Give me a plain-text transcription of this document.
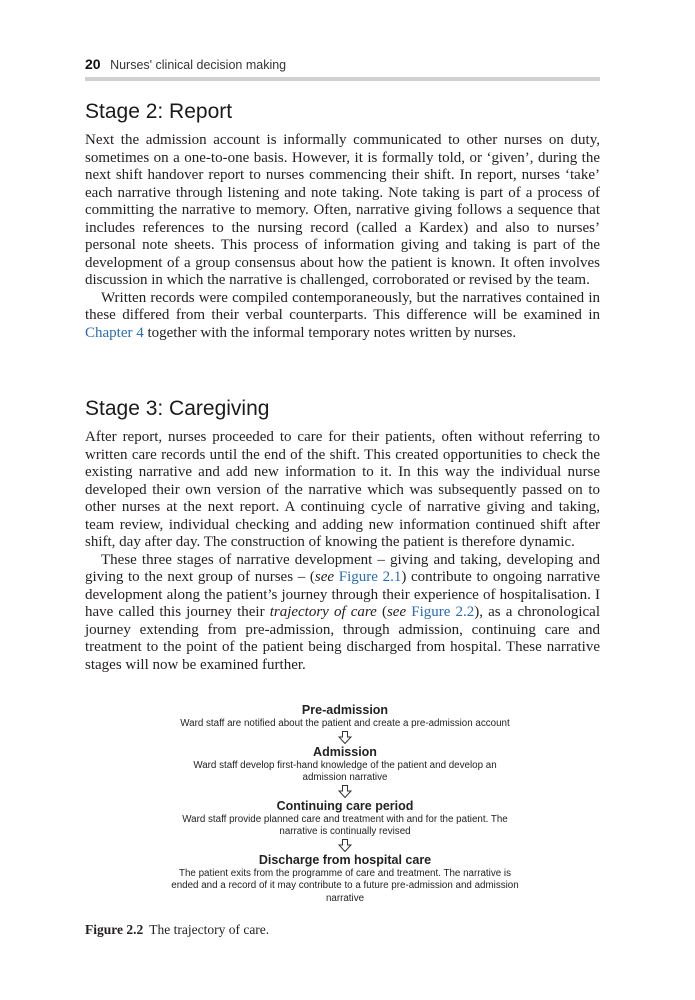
20 Nurses' clinical decision making
Stage 2: Report

Next the admission account is informally communicated to other nurses on duty, sometimes on a one-to-one basis. However, it is formally told, or ‘given’, during the next shift handover report to nurses commencing their shift. In report, nurses ‘take’ each narrative through listening and note taking. Note taking is part of a process of committing the narrative to memory. Often, narrative giving follows a sequence that includes references to the nursing record (called a Kardex) and also to nurses’ personal note sheets. This process of information giving and taking is part of the development of a group consensus about how the patient is known. It often involves discussion in which the narrative is challenged, corroborated or revised by the team.

Written records were compiled contemporaneously, but the narratives contained in these differed from their verbal counterparts. This difference will be examined in Chapter 4 together with the informal temporary notes written by nurses.

Stage 3: Caregiving

After report, nurses proceeded to care for their patients, often without referring to written care records until the end of the shift. This created opportunities to check the existing narrative and add new information to it. In this way the individual nurse developed their own version of the narrative which was subsequently passed on to other nurses at the next report. A continuing cycle of narrative giving and taking, team review, individual checking and adding new information continued shift after shift, day after day. The construction of knowing the patient is therefore dynamic.

These three stages of narrative development – giving and taking, developing and giving to the next group of nurses – (see Figure 2.1) contribute to ongoing narrative development along the patient’s journey through their experience of hospitalisation. I have called this journey their trajectory of care (see Figure 2.2), as a chronological journey extending from pre-admission, through admission, continuing care and treatment to the point of the patient being discharged from hospital. These narrative stages will now be examined further.

Pre-admission
Ward staff are notified about the patient and create a pre-admission account
Admission
Ward staff develop first-hand knowledge of the patient and develop an admission narrative
Continuing care period
Ward staff provide planned care and treatment with and for the patient. The narrative is continually revised
Discharge from hospital care
The patient exits from the programme of care and treatment. The narrative is ended and a record of it may contribute to a future pre-admission and admission narrative
Figure 2.2 The trajectory of care.
